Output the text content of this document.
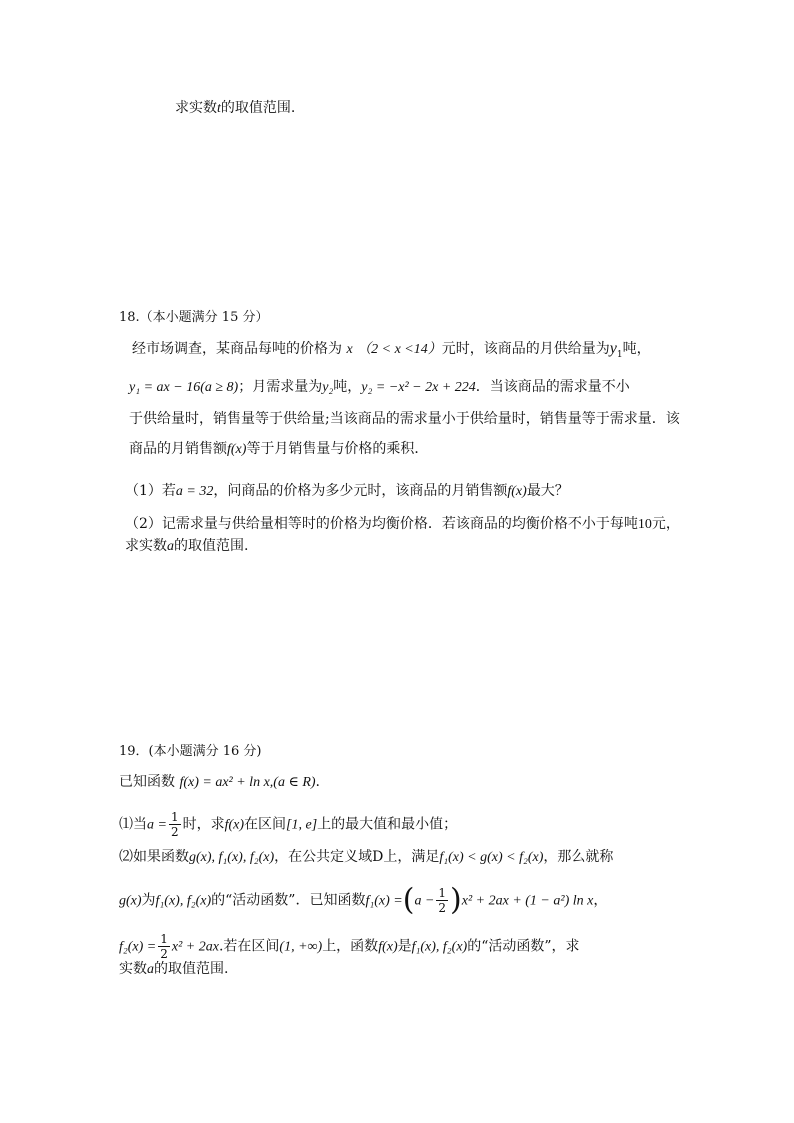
求实数t的取值范围.
18.（本小题满分 15 分）
经市场调查，某商品每吨的价格为 x （2 < x <14）元时，该商品的月供给量为$y_1$吨，
y₁ = ax − 16(a ≥ 8)；月需求量为y₂吨，y₂ = −x² − 2x + 224．当该商品的需求量不小
于供给量时，销售量等于供给量;当该商品的需求量小于供给量时，销售量等于需求量．该
商品的月销售额f(x)等于月销售量与价格的乘积．
（1）若a = 32，问商品的价格为多少元时，该商品的月销售额f(x)最大？
（2）记需求量与供给量相等时的价格为均衡价格．若该商品的均衡价格不小于每吨10元，
求实数a的取值范围.
19．(本小题满分 16 分)
已知函数 f(x) = ax² + ln x,(a ∈ R).
⑴当$a = \frac{1}{2}$ 时，求f(x)在区间[1, e]上的最大值和最小值；
⑵如果函数g(x), f₁(x), f₂(x)，在公共定义域D上，满足f₁(x) < g(x) < f₂(x)，那么就称
g(x)为f₁(x), f₂(x)的“活动函数”．已知函数$f_1(x) =(a - \frac{1}{2} )x^2 + 2ax + (1 - a^2)$ ln x，
$f_2(x) = \frac{1}{2} x^2 + 2ax$.若在区间(1, +∞)上，函数f(x)是f₁(x), f₂(x)的“活动函数”，求
实数a的取值范围.
